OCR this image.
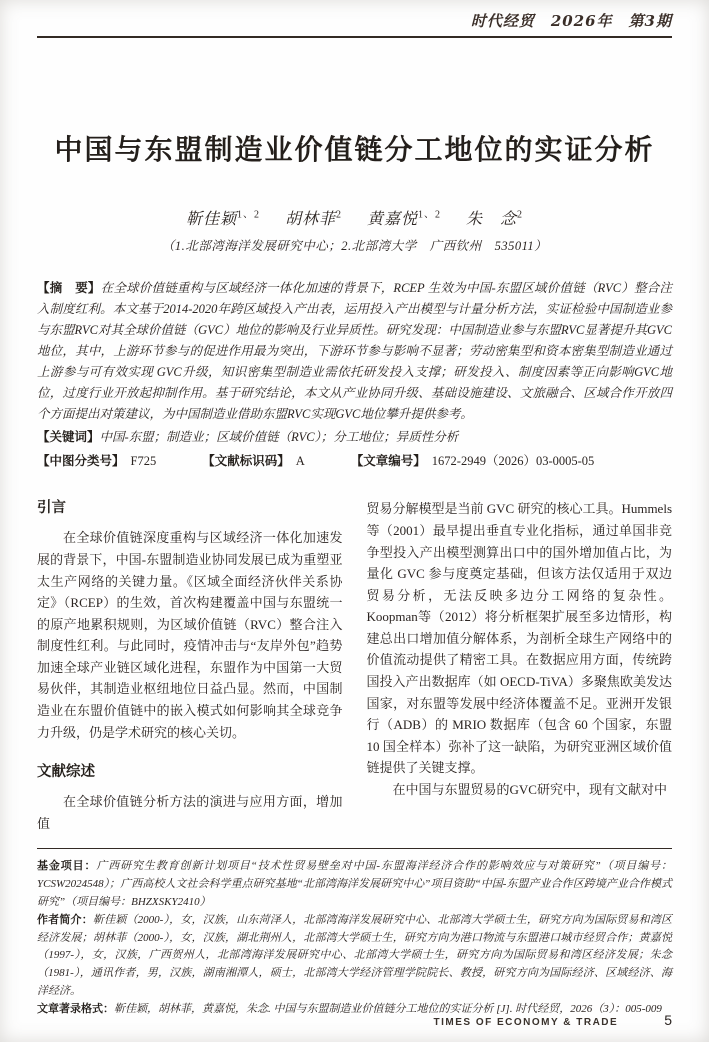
时代经贸　2026年　第3期
中国与东盟制造业价值链分工地位的实证分析
靳佳颖$^{1、2}$ 胡林菲$^2$ 黄嘉悦$^{1、2}$ 朱　念$^2$
（1.北部湾海洋发展研究中心；2.北部湾大学　广西钦州　535011）
【摘　要】在全球价值链重构与区域经济一体化加速的背景下，RCEP 生效为中国-东盟区域价值链（RVC）整合注入制度红利。本文基于2014-2020年跨区域投入产出表，运用投入产出模型与计量分析方法，实证检验中国制造业参与东盟RVC对其全球价值链（GVC）地位的影响及行业异质性。研究发现：中国制造业参与东盟RVC显著提升其GVC地位，其中，上游环节参与的促进作用最为突出，下游环节参与影响不显著；劳动密集型和资本密集型制造业通过上游参与可有效实现 GVC升级，知识密集型制造业需依托研发投入支撑；研发投入、制度因素等正向影响GVC地位，过度行业开放起抑制作用。基于研究结论，本文从产业协同升级、基础设施建设、文旅融合、区域合作开放四个方面提出对策建议，为中国制造业借助东盟RVC实现GVC地位攀升提供参考。
【关键词】中国-东盟；制造业；区域价值链（RVC）；分工地位；异质性分析
【中图分类号】 F725	【文献标识码】 A	【文章编号】 1672-2949（2026）03-0005-05
引言

在全球价值链深度重构与区域经济一体化加速发展的背景下，中国-东盟制造业协同发展已成为重塑亚太生产网络的关键力量。《区域全面经济伙伴关系协定》（RCEP）的生效，首次构建覆盖中国与东盟统一的原产地累积规则，为区域价值链（RVC）整合注入制度性红利。与此同时，疫情冲击与“友岸外包”趋势加速全球产业链区域化进程，东盟作为中国第一大贸易伙伴，其制造业枢纽地位日益凸显。然而，中国制造业在东盟价值链中的嵌入模式如何影响其全球竞争力升级，仍是学术研究的核心关切。

文献综述

在全球价值链分析方法的演进与应用方面，增加值

贸易分解模型是当前 GVC 研究的核心工具。Hummels 等（2001）最早提出垂直专业化指标，通过单国非竞争型投入产出模型测算出口中的国外增加值占比，为量化 GVC 参与度奠定基础，但该方法仅适用于双边贸易分析，无法反映多边分工网络的复杂性。Koopman等（2012）将分析框架扩展至多边情形，构建总出口增加值分解体系，为剖析全球生产网络中的价值流动提供了精密工具。在数据应用方面，传统跨国投入产出数据库（如 OECD-TiVA）多聚焦欧美发达国家，对东盟等发展中经济体覆盖不足。亚洲开发银行（ADB）的 MRIO 数据库（包含 60 个国家，东盟 10 国全样本）弥补了这一缺陷，为研究亚洲区域价值链提供了关键支撑。

在中国与东盟贸易的GVC研究中，现有文献对中

基金项目：广西研究生教育创新计划项目“技术性贸易壁垒对中国-东盟海洋经济合作的影响效应与对策研究”（项目编号：YCSW2024548）；广西高校人文社会科学重点研究基地“北部湾海洋发展研究中心”项目资助“中国-东盟产业合作区跨境产业合作模式研究”（项目编号：BHZXSKY2410）

作者简介：靳佳颖（2000-），女，汉族，山东菏泽人，北部湾海洋发展研究中心、北部湾大学硕士生，研究方向为国际贸易和湾区经济发展；胡林菲（2000-），女，汉族，湖北荆州人，北部湾大学硕士生，研究方向为港口物流与东盟港口城市经贸合作；黄嘉悦（1997-），女，汉族，广西贺州人，北部湾海洋发展研究中心、北部湾大学硕士生，研究方向为国际贸易和湾区经济发展；朱念（1981-），通讯作者，男，汉族，湖南湘潭人，硕士，北部湾大学经济管理学院院长、教授，研究方向为国际经济、区域经济、海洋经济。

文章著录格式：靳佳颖，胡林菲，黄嘉悦，朱念. 中国与东盟制造业价值链分工地位的实证分析 [J]. 时代经贸，2026（3）：005-009

TIMES OF ECONOMY & TRADE	5
